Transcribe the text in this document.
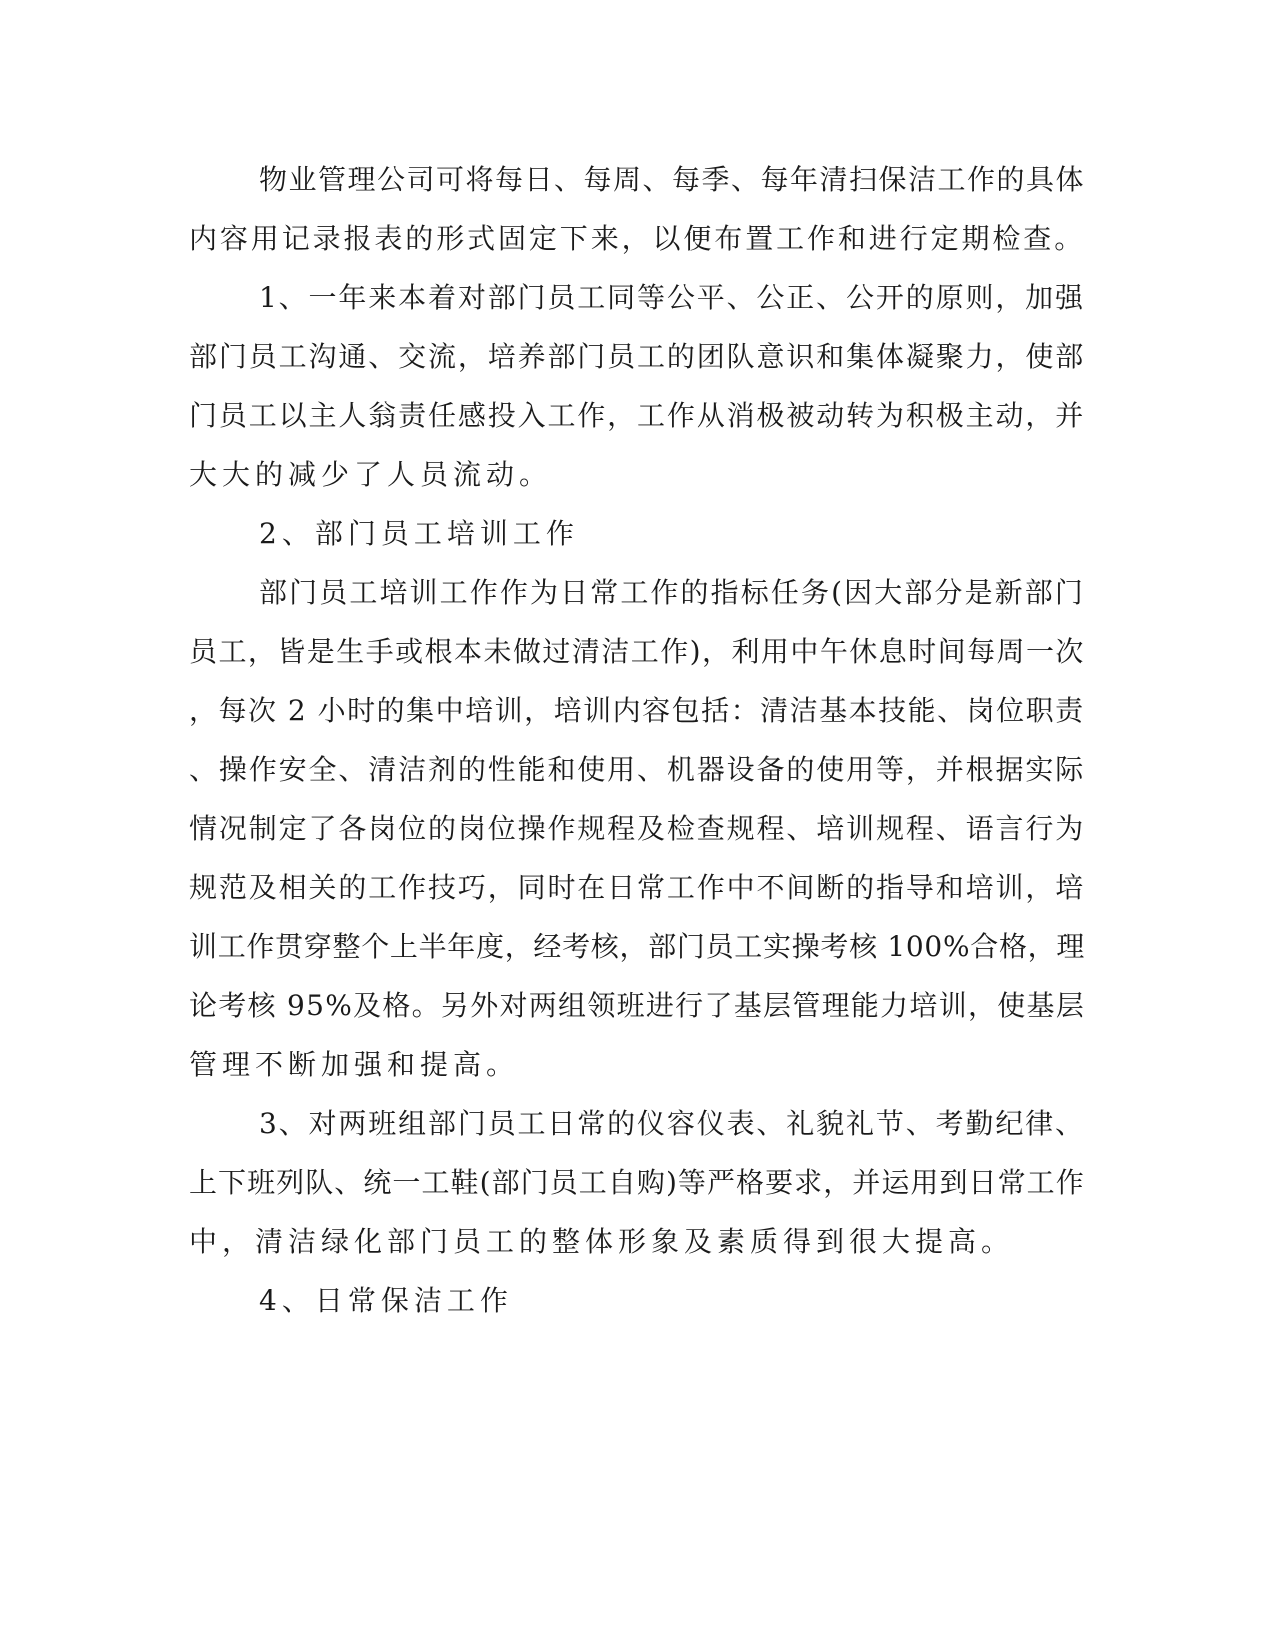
物业管理公司可将每日、每周、每季、每年清扫保洁工作的具体
内容用记录报表的形式固定下来，以便布置工作和进行定期检查。
1、一年来本着对部门员工同等公平、公正、公开的原则，加强
部门员工沟通、交流，培养部门员工的团队意识和集体凝聚力，使部
门员工以主人翁责任感投入工作，工作从消极被动转为积极主动，并
大大的减少了人员流动。
2、部门员工培训工作
部门员工培训工作作为日常工作的指标任务(因大部分是新部门
员工，皆是生手或根本未做过清洁工作)，利用中午休息时间每周一次
，每次 2 小时的集中培训，培训内容包括：清洁基本技能、岗位职责
、操作安全、清洁剂的性能和使用、机器设备的使用等，并根据实际
情况制定了各岗位的岗位操作规程及检查规程、培训规程、语言行为
规范及相关的工作技巧，同时在日常工作中不间断的指导和培训，培
训工作贯穿整个上半年度，经考核，部门员工实操考核 100%合格，理
论考核 95%及格。另外对两组领班进行了基层管理能力培训，使基层
管理不断加强和提高。
3、对两班组部门员工日常的仪容仪表、礼貌礼节、考勤纪律、
上下班列队、统一工鞋(部门员工自购)等严格要求，并运用到日常工作
中，清洁绿化部门员工的整体形象及素质得到很大提高。
4、日常保洁工作
